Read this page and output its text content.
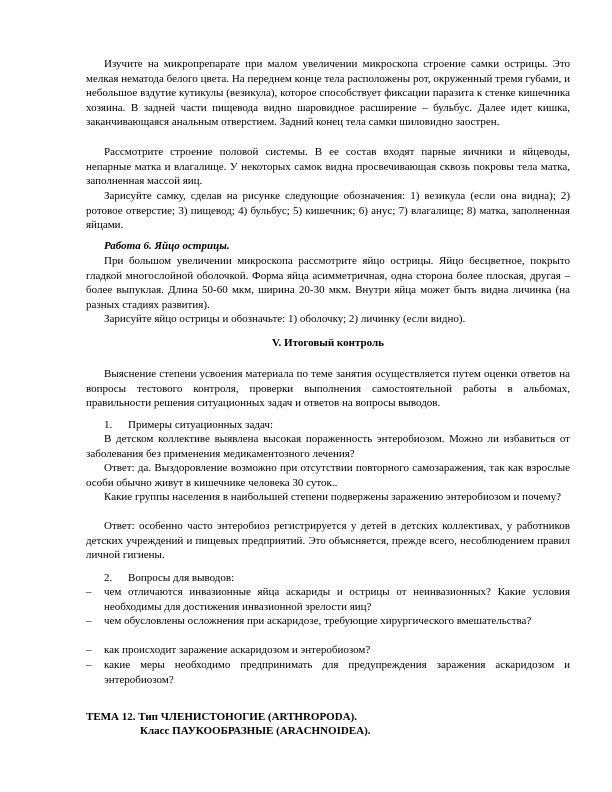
Изучите на микропрепарате при малом увеличении микроскопа строение самки острицы. Это мелкая нематода белого цвета. На переднем конце тела расположены рот, окруженный тремя губами, и небольшое вздутие кутикулы (везикула), которое способствует фиксации паразита к стенке кишечника хозяина. В задней части пищевода видно шаровидное расширение – бульбус. Далее идет кишка, заканчивающаяся анальным отверстием. Задний конец тела самки шиловидно заострен.

Рассмотрите строение половой системы. В ее состав входят парные яичники и яйцеводы, непарные матка и влагалище. У некоторых самок видна просвечивающая сквозь покровы тела матка, заполненная массой яиц.

Зарисуйте самку, сделав на рисунке следующие обозначения: 1) везикула (если она видна); 2) ротовое отверстие; 3) пищевод; 4) бульбус; 5) кишечник; 6) анус; 7) влагалище; 8) матка, заполненная яйцами.

Работа 6. Яйцо острицы.

При большом увеличении микроскопа рассмотрите яйцо острицы. Яйцо бесцветное, покрыто гладкой многослойной оболочкой. Форма яйца асимметричная, одна сторона более плоская, другая – более выпуклая. Длина 50-60 мкм, ширина 20-30 мкм. Внутри яйца может быть видна личинка (на разных стадиях развития).

Зарисуйте яйцо острицы и обозначьте: 1) оболочку; 2) личинку (если видно).

V. Итоговый контроль

Выяснение степени усвоения материала по теме занятия осуществляется путем оценки ответов на вопросы тестового контроля, проверки выполнения самостоятельной работы в альбомах, правильности решения ситуационных задач и ответов на вопросы выводов.

1. Примеры ситуационных задач:

В детском коллективе выявлена высокая пораженность энтеробиозом. Можно ли избавиться от заболевания без применения медикаментозного лечения?

Ответ: да. Выздоровление возможно при отсутствии повторного самозаражения, так как взрослые особи обычно живут в кишечнике человека 30 суток..

Какие группы населения в наибольшей степени подвержены заражению энтеробиозом и почему?

Ответ: особенно часто энтеробиоз регистрируется у детей в детских коллективах, у работников детских учреждений и пищевых предприятий. Это объясняется, прежде всего, несоблюдением правил личной гигиены.

2. Вопросы для выводов:
–	чем отличаются инвазионные яйца аскариды и острицы от неинвазионных? Какие условия необходимы для достижения инвазионной зрелости яиц?
–	чем обусловлены осложнения при аскаридозе, требующие хирургического вмешательства?
–	как происходит заражение аскаридозом и энтеробиозом?
–	какие меры необходимо предпринимать для предупреждения заражения аскаридозом и энтеробиозом?
ТЕМА 12. Тип ЧЛЕНИСТОНОГИЕ (ARTHROPODA).
Класс ПАУКООБРАЗНЫЕ (ARACHNOIDEA).
